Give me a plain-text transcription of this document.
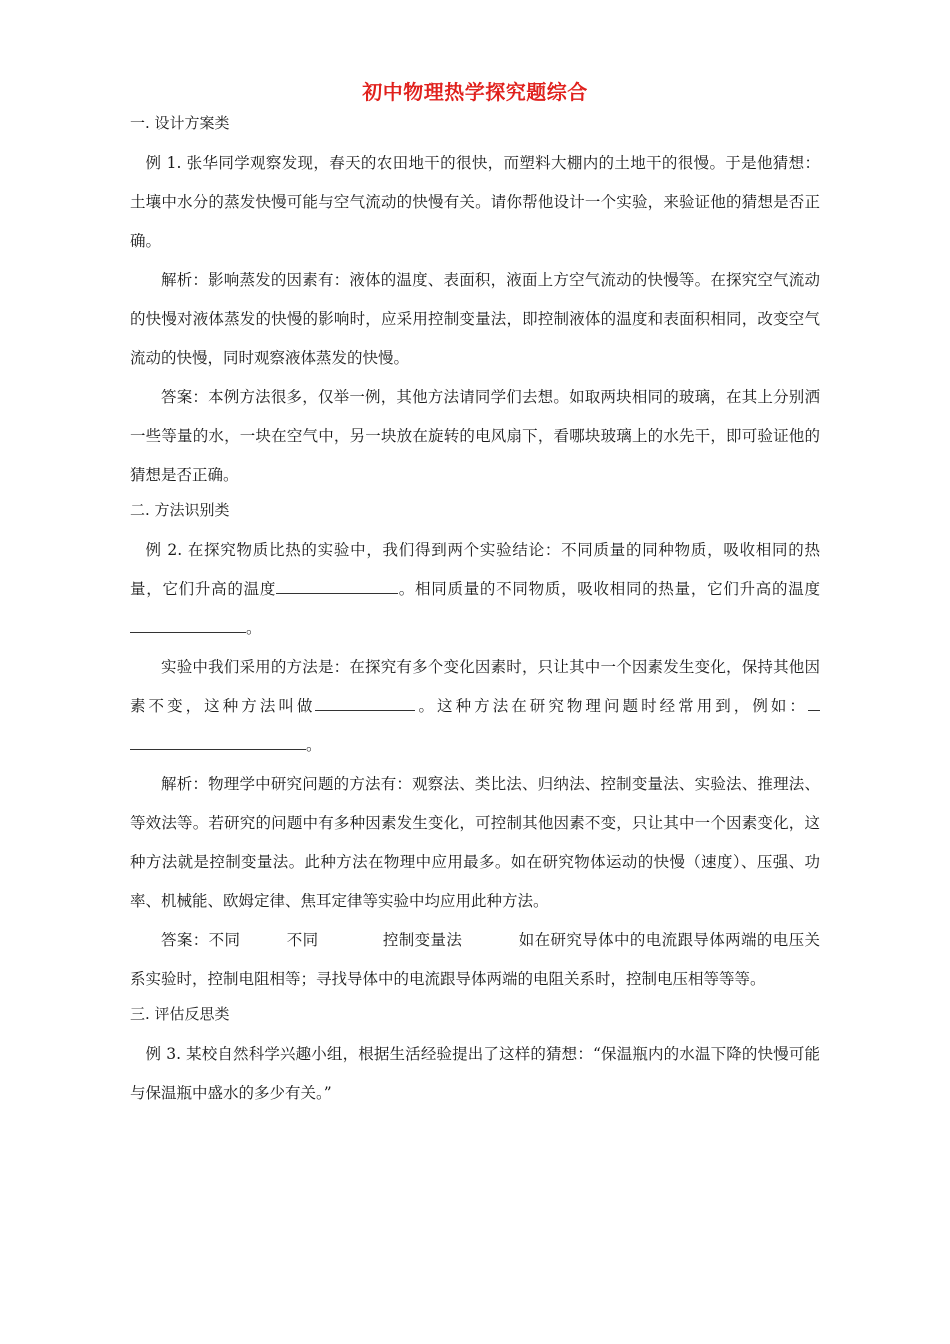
初中物理热学探究题综合

一. 设计方案类

例 1. 张华同学观察发现，春天的农田地干的很快，而塑料大棚内的土地干的很慢。于是他猜想：土壤中水分的蒸发快慢可能与空气流动的快慢有关。请你帮他设计一个实验，来验证他的猜想是否正确。

解析：影响蒸发的因素有：液体的温度、表面积，液面上方空气流动的快慢等。在探究空气流动的快慢对液体蒸发的快慢的影响时，应采用控制变量法，即控制液体的温度和表面积相同，改变空气流动的快慢，同时观察液体蒸发的快慢。

答案：本例方法很多，仅举一例，其他方法请同学们去想。如取两块相同的玻璃，在其上分别洒一些等量的水，一块在空气中，另一块放在旋转的电风扇下，看哪块玻璃上的水先干，即可验证他的猜想是否正确。

二. 方法识别类

例 2. 在探究物质比热的实验中，我们得到两个实验结论：不同质量的同种物质，吸收相同的热量，它们升高的温度	。相同质量的不同物质，吸收相同的热量，它们升高的温度。

实验中我们采用的方法是：在探究有多个变化因素时，只让其中一个因素发生变化，保持其他因素不变，这种方法叫做	。这种方法在研究物理问题时经常用到，例如：。

解析：物理学中研究问题的方法有：观察法、类比法、归纳法、控制变量法、实验法、推理法、等效法等。若研究的问题中有多种因素发生变化，可控制其他因素不变，只让其中一个因素变化，这种方法就是控制变量法。此种方法在物理中应用最多。如在研究物体运动的快慢（速度）、压强、功率、机械能、欧姆定律、焦耳定律等实验中均应用此种方法。

答案：不同	不同	控制变量法	如在研究导体中的电流跟导体两端的电压关系实验时，控制电阻相等；寻找导体中的电流跟导体两端的电阻关系时，控制电压相等等等。

三. 评估反思类

例 3. 某校自然科学兴趣小组，根据生活经验提出了这样的猜想：“保温瓶内的水温下降的快慢可能与保温瓶中盛水的多少有关。”
